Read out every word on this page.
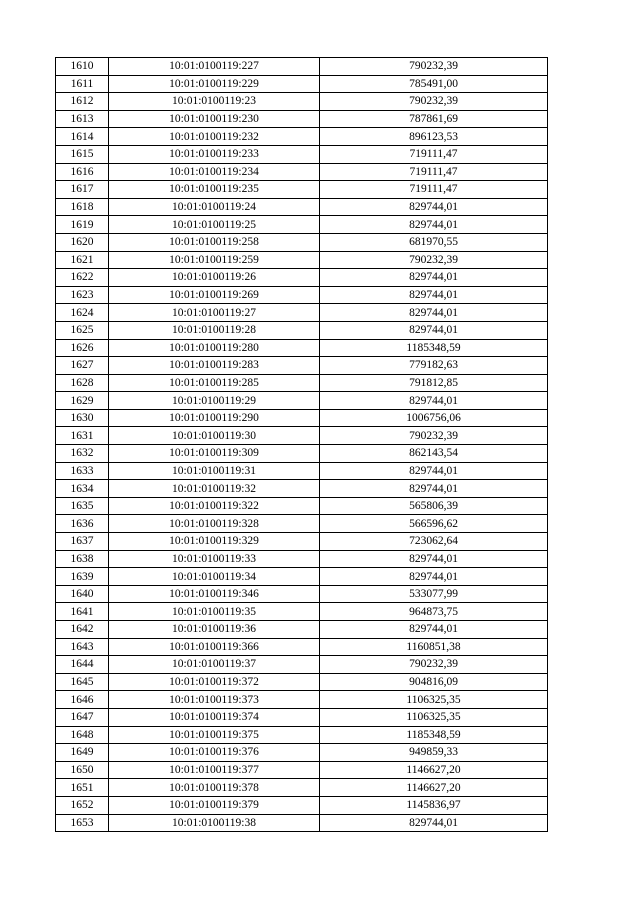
1610	10:01:0100119:227	790232,39
1611	10:01:0100119:229	785491,00
1612	10:01:0100119:23	790232,39
1613	10:01:0100119:230	787861,69
1614	10:01:0100119:232	896123,53
1615	10:01:0100119:233	719111,47
1616	10:01:0100119:234	719111,47
1617	10:01:0100119:235	719111,47
1618	10:01:0100119:24	829744,01
1619	10:01:0100119:25	829744,01
1620	10:01:0100119:258	681970,55
1621	10:01:0100119:259	790232,39
1622	10:01:0100119:26	829744,01
1623	10:01:0100119:269	829744,01
1624	10:01:0100119:27	829744,01
1625	10:01:0100119:28	829744,01
1626	10:01:0100119:280	1185348,59
1627	10:01:0100119:283	779182,63
1628	10:01:0100119:285	791812,85
1629	10:01:0100119:29	829744,01
1630	10:01:0100119:290	1006756,06
1631	10:01:0100119:30	790232,39
1632	10:01:0100119:309	862143,54
1633	10:01:0100119:31	829744,01
1634	10:01:0100119:32	829744,01
1635	10:01:0100119:322	565806,39
1636	10:01:0100119:328	566596,62
1637	10:01:0100119:329	723062,64
1638	10:01:0100119:33	829744,01
1639	10:01:0100119:34	829744,01
1640	10:01:0100119:346	533077,99
1641	10:01:0100119:35	964873,75
1642	10:01:0100119:36	829744,01
1643	10:01:0100119:366	1160851,38
1644	10:01:0100119:37	790232,39
1645	10:01:0100119:372	904816,09
1646	10:01:0100119:373	1106325,35
1647	10:01:0100119:374	1106325,35
1648	10:01:0100119:375	1185348,59
1649	10:01:0100119:376	949859,33
1650	10:01:0100119:377	1146627,20
1651	10:01:0100119:378	1146627,20
1652	10:01:0100119:379	1145836,97
1653	10:01:0100119:38	829744,01
